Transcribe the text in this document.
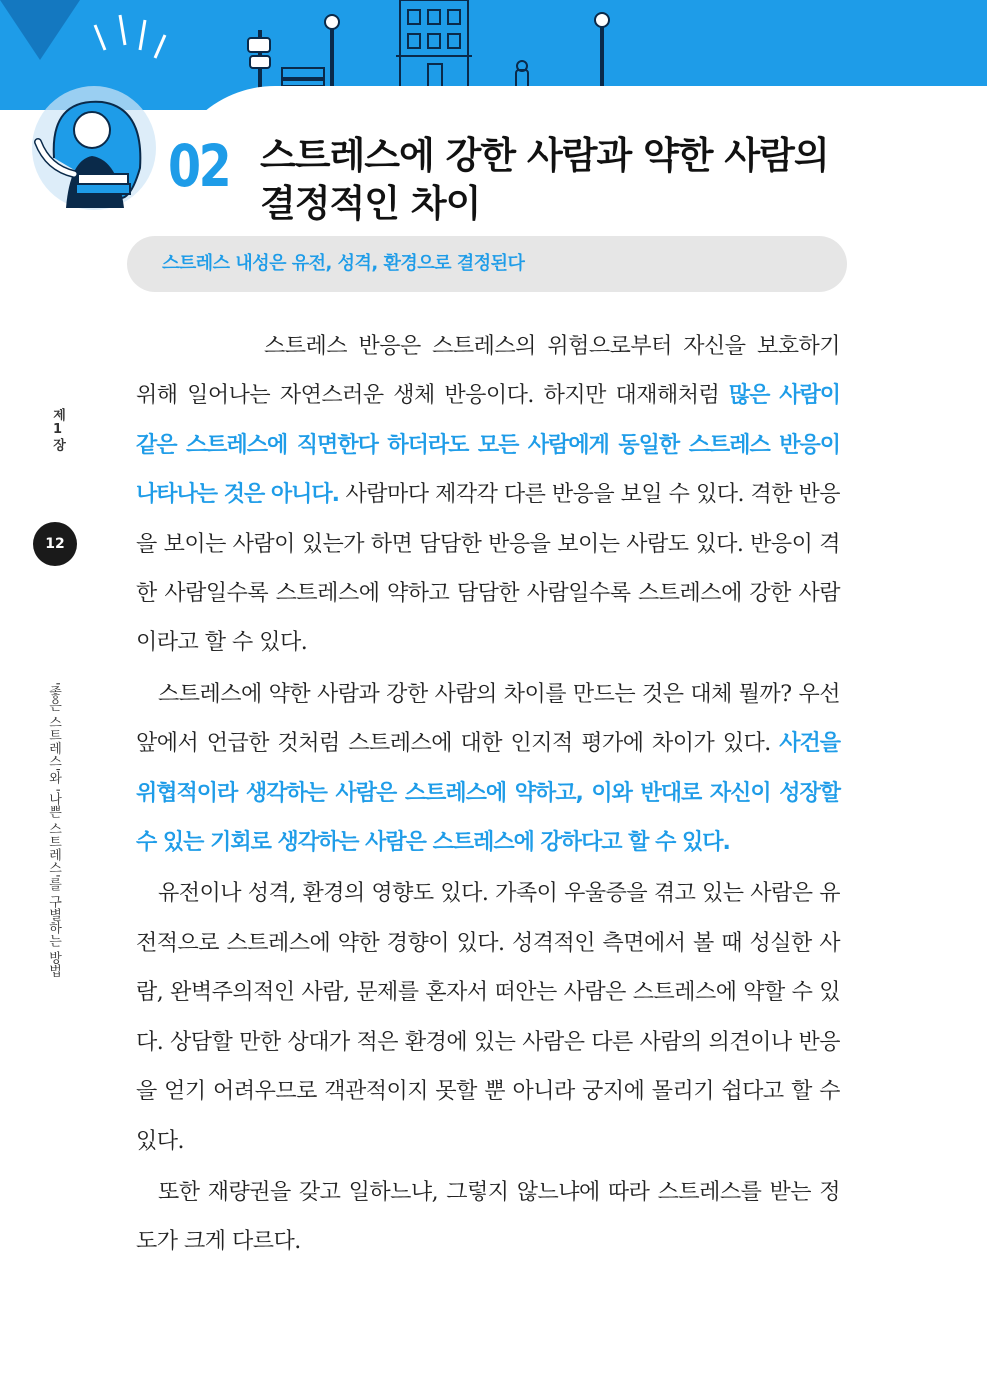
02 스트레스에 강한 사람과 약한 사람의
결정적인 차이
스트레스 내성은 유전, 성격, 환경으로 결정된다
제1장
12
'좋은 스트레스'와 '나쁜 스트레스'를 구별하는 방법

스트레스 반응은 스트레스의 위험으로부터 자신을 보호하기 위해 일어나는 자연스러운 생체 반응이다. 하지만 대재해처럼 많은 사람이 같은 스트레스에 직면한다 하더라도 모든 사람에게 동일한 스트레스 반응이 나타나는 것은 아니다. 사람마다 제각각 다른 반응을 보일 수 있다. 격한 반응을 보이는 사람이 있는가 하면 담담한 반응을 보이는 사람도 있다. 반응이 격한 사람일수록 스트레스에 약하고 담담한 사람일수록 스트레스에 강한 사람이라고 할 수 있다.

스트레스에 약한 사람과 강한 사람의 차이를 만드는 것은 대체 뭘까? 우선 앞에서 언급한 것처럼 스트레스에 대한 인지적 평가에 차이가 있다. 사건을 위협적이라 생각하는 사람은 스트레스에 약하고, 이와 반대로 자신이 성장할 수 있는 기회로 생각하는 사람은 스트레스에 강하다고 할 수 있다.

유전이나 성격, 환경의 영향도 있다. 가족이 우울증을 겪고 있는 사람은 유전적으로 스트레스에 약한 경향이 있다. 성격적인 측면에서 볼 때 성실한 사람, 완벽주의적인 사람, 문제를 혼자서 떠안는 사람은 스트레스에 약할 수 있다. 상담할 만한 상대가 적은 환경에 있는 사람은 다른 사람의 의견이나 반응을 얻기 어려우므로 객관적이지 못할 뿐 아니라 궁지에 몰리기 쉽다고 할 수 있다.

또한 재량권을 갖고 일하느냐, 그렇지 않느냐에 따라 스트레스를 받는 정도가 크게 다르다.
